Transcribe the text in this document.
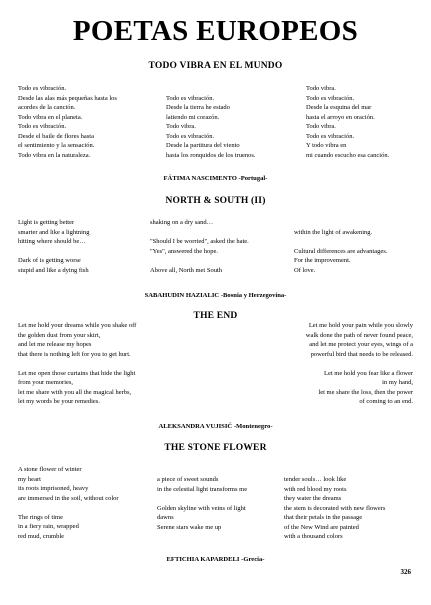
POETAS EUROPEOS
TODO VIBRA EN EL MUNDO
Todo es vibración.
Desde las alas más pequeñas hasta los
acordes de la canción.
Todo vibra en el planeta.
Todo es vibración.
Desde el baile de flores hasta
el sentimiento y la sensación.
Todo vibra en la naturaleza.
Todo es vibración.
Desde la tierra he estado
latiendo mi corazón.
Todo vibra.
Todo es vibración.
Desde la partitura del viento
hasta los ronquidos de los truenos.
Todo vibra.
Todo es vibración.
Desde la esquina del mar
hasta el arroyo en oración.
Todo vibra.
Todo es vibración.
Y todo vibra en
mi cuando escucho esa canción.
FÁTIMA NASCIMENTO -Portugal-
NORTH & SOUTH (II)
Light is getting better
smarter and like a lightning
hitting where should be…
Dark of is getting worse
stupid and like a dying fish
shaking on a dry sand…
"Should I be worried", asked the hate.
"Yes", answered the hope.
Above all, North met South
within the light of awakening.
Cultural differences are advantages.
For the improvement.
Of love.
SABAHUDIN HAZIALIC -Bosnia y Herzegovina-
THE END
Let me hold your dreams while you shake off
the golden dust from your skirt,
and let me release my hopes
that there is nothing left for you to get hurt.
Let me open those curtains that hide the light
from your memories,
let me share with you all the magical herbs,
let my words be your remedies.
Let me hold your pain while you slowly
walk done the path of never found peace,
and let me protect your eyes, wings of a
powerful bird that needs to be released.
Let me hold you fear like a flower
in my hand,
let me share the loss, then the power
of coming to an end.
ALEKSANDRA VUJISIĆ -Montenegro-
THE STONE FLOWER
A stone flower of winter
my heart
its roots imprisoned, heavy
are immersed in the soil, without color
The rings of time
in a fiery rain, wrapped
red mud, crumble
a piece of sweet sounds
in the celestial light transforms me
Golden skyline with veins of light
dawns
Serene stars wake me up
tender souls… look like
with red blood my roots
they water the dreams
the stem is decorated with new flowers
that their petals in the passage
of the New Wind are painted
with a thousand colors
EFTICHIA KAPARDELI -Grecia-
326
